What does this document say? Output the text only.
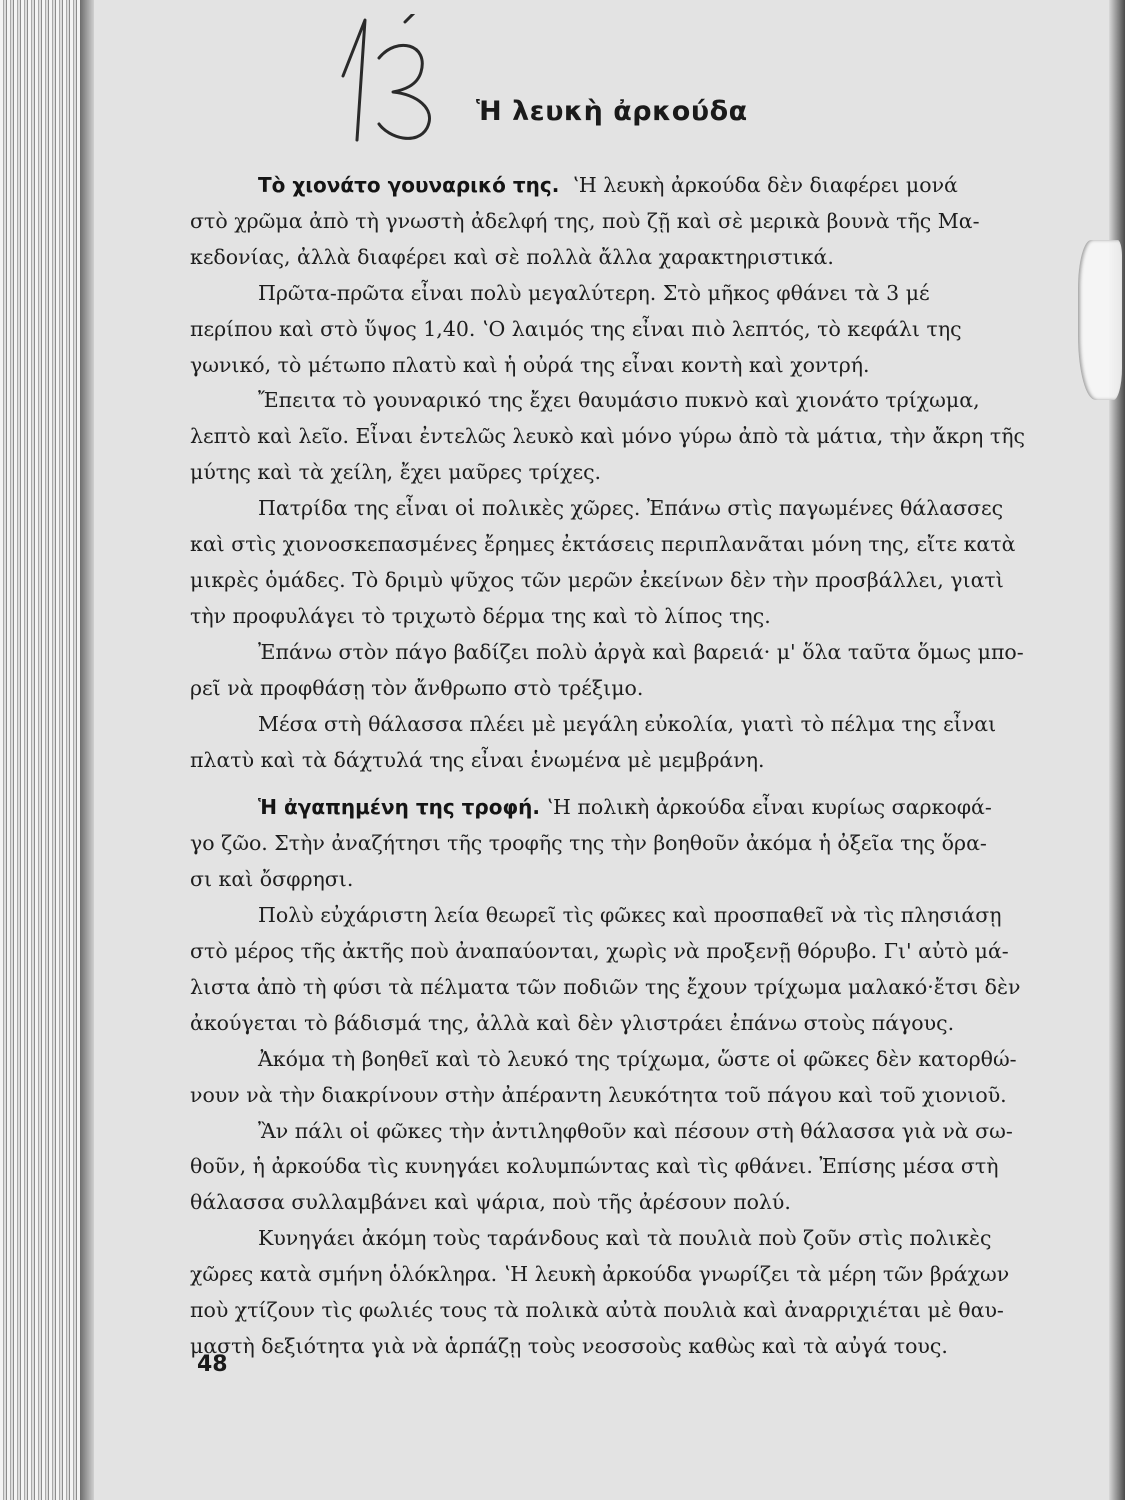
Ἡ λευκὴ ἀρκούδα

Τὸ χιονάτο γουναρικό της. ʽΗ λευκὴ ἀρκούδα δὲν διαφέρει μονά
στὸ χρῶμα ἀπὸ τὴ γνωστὴ ἀδελφή της, ποὺ ζῇ καὶ σὲ μερικὰ βουνὰ τῆς Μα-
κεδονίας, ἀλλὰ διαφέρει καὶ σὲ πολλὰ ἄλλα χαρακτηριστικά.

Πρῶτα-πρῶτα εἶναι πολὺ μεγαλύτερη. Στὸ μῆκος φθάνει τὰ 3 μέ
περίπου καὶ στὸ ὕψος 1,40. ʽΟ λαιμός της εἶναι πιὸ λεπτός, τὸ κεφάλι της
γωνικό, τὸ μέτωπο πλατὺ καὶ ἡ οὐρά της εἶναι κοντὴ καὶ χοντρή.

Ἔπειτα τὸ γουναρικό της ἔχει θαυμάσιο πυκνὸ καὶ χιονάτο τρίχωμα,
λεπτὸ καὶ λεῖο. Εἶναι ἐντελῶς λευκὸ καὶ μόνο γύρω ἀπὸ τὰ μάτια, τὴν ἄκρη τῆς
μύτης καὶ τὰ χείλη, ἔχει μαῦρες τρίχες.

Πατρίδα της εἶναι οἱ πολικὲς χῶρες. Ἐπάνω στὶς παγωμένες θάλασσες
καὶ στὶς χιονοσκεπασμένες ἔρημες ἐκτάσεις περιπλανᾶται μόνη της, εἴτε κατὰ
μικρὲς ὁμάδες. Τὸ δριμὺ ψῦχος τῶν μερῶν ἐκείνων δὲν τὴν προσβάλλει, γιατὶ
τὴν προφυλάγει τὸ τριχωτὸ δέρμα της καὶ τὸ λίπος της.

Ἐπάνω στὸν πάγο βαδίζει πολὺ ἀργὰ καὶ βαρειά· μ' ὅλα ταῦτα ὅμως μπο-
ρεῖ νὰ προφθάσῃ τὸν ἄνθρωπο στὸ τρέξιμο.

Μέσα στὴ θάλασσα πλέει μὲ μεγάλη εὐκολία, γιατὶ τὸ πέλμα της εἶναι
πλατὺ καὶ τὰ δάχτυλά της εἶναι ἑνωμένα μὲ μεμβράνη.

Ἡ ἀγαπημένη της τροφή. ʽΗ πολικὴ ἀρκούδα εἶναι κυρίως σαρκοφά-
γο ζῶο. Στὴν ἀναζήτησι τῆς τροφῆς της τὴν βοηθοῦν ἀκόμα ἡ ὀξεῖα της ὅρα-
σι καὶ ὄσφρησι.

Πολὺ εὐχάριστη λεία θεωρεῖ τὶς φῶκες καὶ προσπαθεῖ νὰ τὶς πλησιάσῃ
στὸ μέρος τῆς ἀκτῆς ποὺ ἀναπαύονται, χωρὶς νὰ προξενῇ θόρυβο. Γι' αὐτὸ μά-
λιστα ἀπὸ τὴ φύσι τὰ πέλματα τῶν ποδιῶν της ἔχουν τρίχωμα μαλακό·ἔτσι δὲν
ἀκούγεται τὸ βάδισμά της, ἀλλὰ καὶ δὲν γλιστράει ἐπάνω στοὺς πάγους.

Ἀκόμα τὴ βοηθεῖ καὶ τὸ λευκό της τρίχωμα, ὥστε οἱ φῶκες δὲν κατορθώ-
νουν νὰ τὴν διακρίνουν στὴν ἀπέραντη λευκότητα τοῦ πάγου καὶ τοῦ χιονιοῦ.

Ἂν πάλι οἱ φῶκες τὴν ἀντιληφθοῦν καὶ πέσουν στὴ θάλασσα γιὰ νὰ σω-
θοῦν, ἡ ἀρκούδα τὶς κυνηγάει κολυμπώντας καὶ τὶς φθάνει. Ἐπίσης μέσα στὴ
θάλασσα συλλαμβάνει καὶ ψάρια, ποὺ τῆς ἀρέσουν πολύ.

Κυνηγάει ἀκόμη τοὺς ταράνδους καὶ τὰ πουλιὰ ποὺ ζοῦν στὶς πολικὲς
χῶρες κατὰ σμήνη ὁλόκληρα. ʽΗ λευκὴ ἀρκούδα γνωρίζει τὰ μέρη τῶν βράχων
ποὺ χτίζουν τὶς φωλιές τους τὰ πολικὰ αὐτὰ πουλιὰ καὶ ἀναρριχιέται μὲ θαυ-
μαστὴ δεξιότητα γιὰ νὰ ἁρπάζῃ τοὺς νεοσσοὺς καθὼς καὶ τὰ αὐγά τους.

48
